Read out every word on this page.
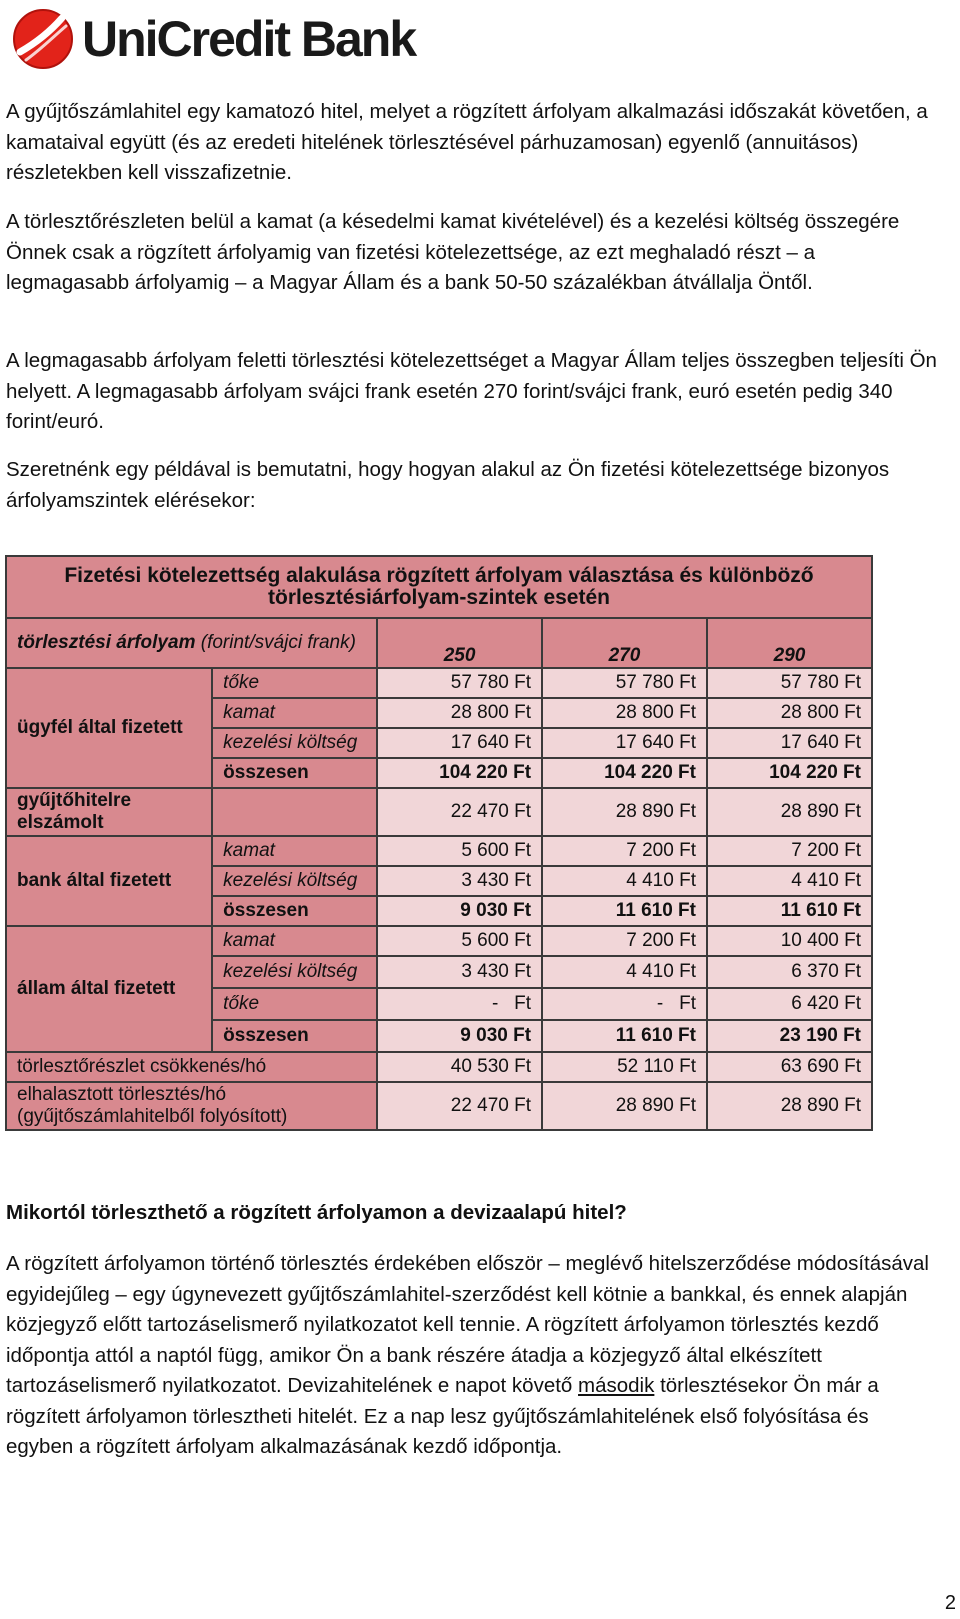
UniCredit Bank

A gyűjtőszámlahitel egy kamatozó hitel, melyet a rögzített árfolyam alkalmazási időszakát követően, a kamataival együtt (és az eredeti hitelének törlesztésével párhuzamosan) egyenlő (annuitásos) részletekben kell visszafizetnie.

A törlesztőrészleten belül a kamat (a késedelmi kamat kivételével) és a kezelési költség összegére Önnek csak a rögzített árfolyamig van fizetési kötelezettsége, az ezt meghaladó részt – a legmagasabb árfolyamig – a Magyar Állam és a bank 50-50 százalékban átvállalja Öntől.

A legmagasabb árfolyam feletti törlesztési kötelezettséget a Magyar Állam teljes összegben teljesíti Ön helyett. A legmagasabb árfolyam svájci frank esetén 270 forint/svájci frank, euró esetén pedig 340 forint/euró.

Szeretnénk egy példával is bemutatni, hogy hogyan alakul az Ön fizetési kötelezettsége bizonyos árfolyamszintek elérésekor:

Fizetési kötelezettség alakulása rögzített árfolyam választása és különböző törlesztésiárfolyam-szintek esetén				
törlesztési árfolyam (forint/svájci frank)		250	270	290
ügyfél által fizetett	tőke	57 780 Ft	57 780 Ft	57 780 Ft
	kamat	28 800 Ft	28 800 Ft	28 800 Ft
	kezelési költség	17 640 Ft	17 640 Ft	17 640 Ft
	összesen	104 220 Ft	104 220 Ft	104 220 Ft
gyűjtőhitelre elszámolt		22 470 Ft	28 890 Ft	28 890 Ft
bank által fizetett	kamat	5 600 Ft	7 200 Ft	7 200 Ft
	kezelési költség	3 430 Ft	4 410 Ft	4 410 Ft
	összesen	9 030 Ft	11 610 Ft	11 610 Ft
állam által fizetett	kamat	5 600 Ft	7 200 Ft	10 400 Ft
	kezelési költség	3 430 Ft	4 410 Ft	6 370 Ft
	tőke	-   Ft	-   Ft	6 420 Ft
	összesen	9 030 Ft	11 610 Ft	23 190 Ft
törlesztőrészlet csökkenés/hó		40 530 Ft	52 110 Ft	63 690 Ft
elhalasztott törlesztés/hó (gyűjtőszámlahitelből folyósított)		22 470 Ft	28 890 Ft	28 890 Ft

Mikortól törleszthető a rögzített árfolyamon a devizaalapú hitel?

A rögzített árfolyamon történő törlesztés érdekében először – meglévő hitelszerződése módosításával egyidejűleg – egy úgynevezett gyűjtőszámlahitel-szerződést kell kötnie a bankkal, és ennek alapján közjegyző előtt tartozáselismerő nyilatkozatot kell tennie. A rögzített árfolyamon törlesztés kezdő időpontja attól a naptól függ, amikor Ön a bank részére átadja a közjegyző által elkészített tartozáselismerő nyilatkozatot. Devizahitelének e napot követő második törlesztésekor Ön már a rögzített árfolyamon törlesztheti hitelét. Ez a nap lesz gyűjtőszámlahitelének első folyósítása és egyben a rögzített árfolyam alkalmazásának kezdő időpontja.

2
